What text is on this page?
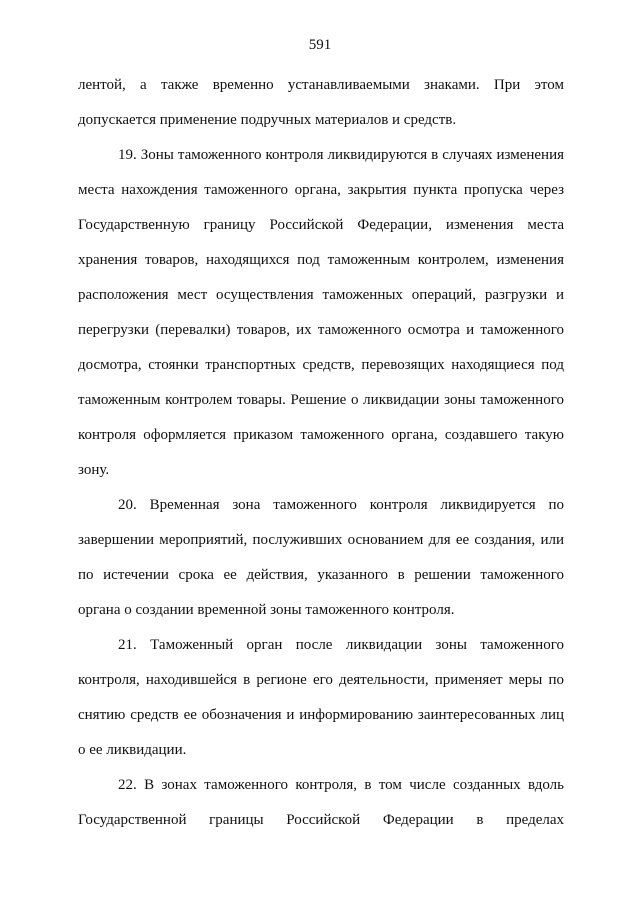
591
лентой, а также временно устанавливаемыми знаками. При этом
допускается применение подручных материалов и средств.
19. Зоны таможенного контроля ликвидируются в случаях изменения
места нахождения таможенного органа, закрытия пункта пропуска через
Государственную границу Российской Федерации, изменения места
хранения товаров, находящихся под таможенным контролем, изменения
расположения мест осуществления таможенных операций, разгрузки и
перегрузки (перевалки) товаров, их таможенного осмотра и таможенного
досмотра, стоянки транспортных средств, перевозящих находящиеся под
таможенным контролем товары. Решение о ликвидации зоны таможенного
контроля оформляется приказом таможенного органа, создавшего такую
зону.
20. Временная зона таможенного контроля ликвидируется по
завершении мероприятий, послуживших основанием для ее создания, или
по истечении срока ее действия, указанного в решении таможенного
органа о создании временной зоны таможенного контроля.
21. Таможенный орган после ликвидации зоны таможенного
контроля, находившейся в регионе его деятельности, применяет меры по
снятию средств ее обозначения и информированию заинтересованных лиц
о ее ликвидации.
22. В зонах таможенного контроля, в том числе созданных вдоль
Государственной границы Российской Федерации в пределах
